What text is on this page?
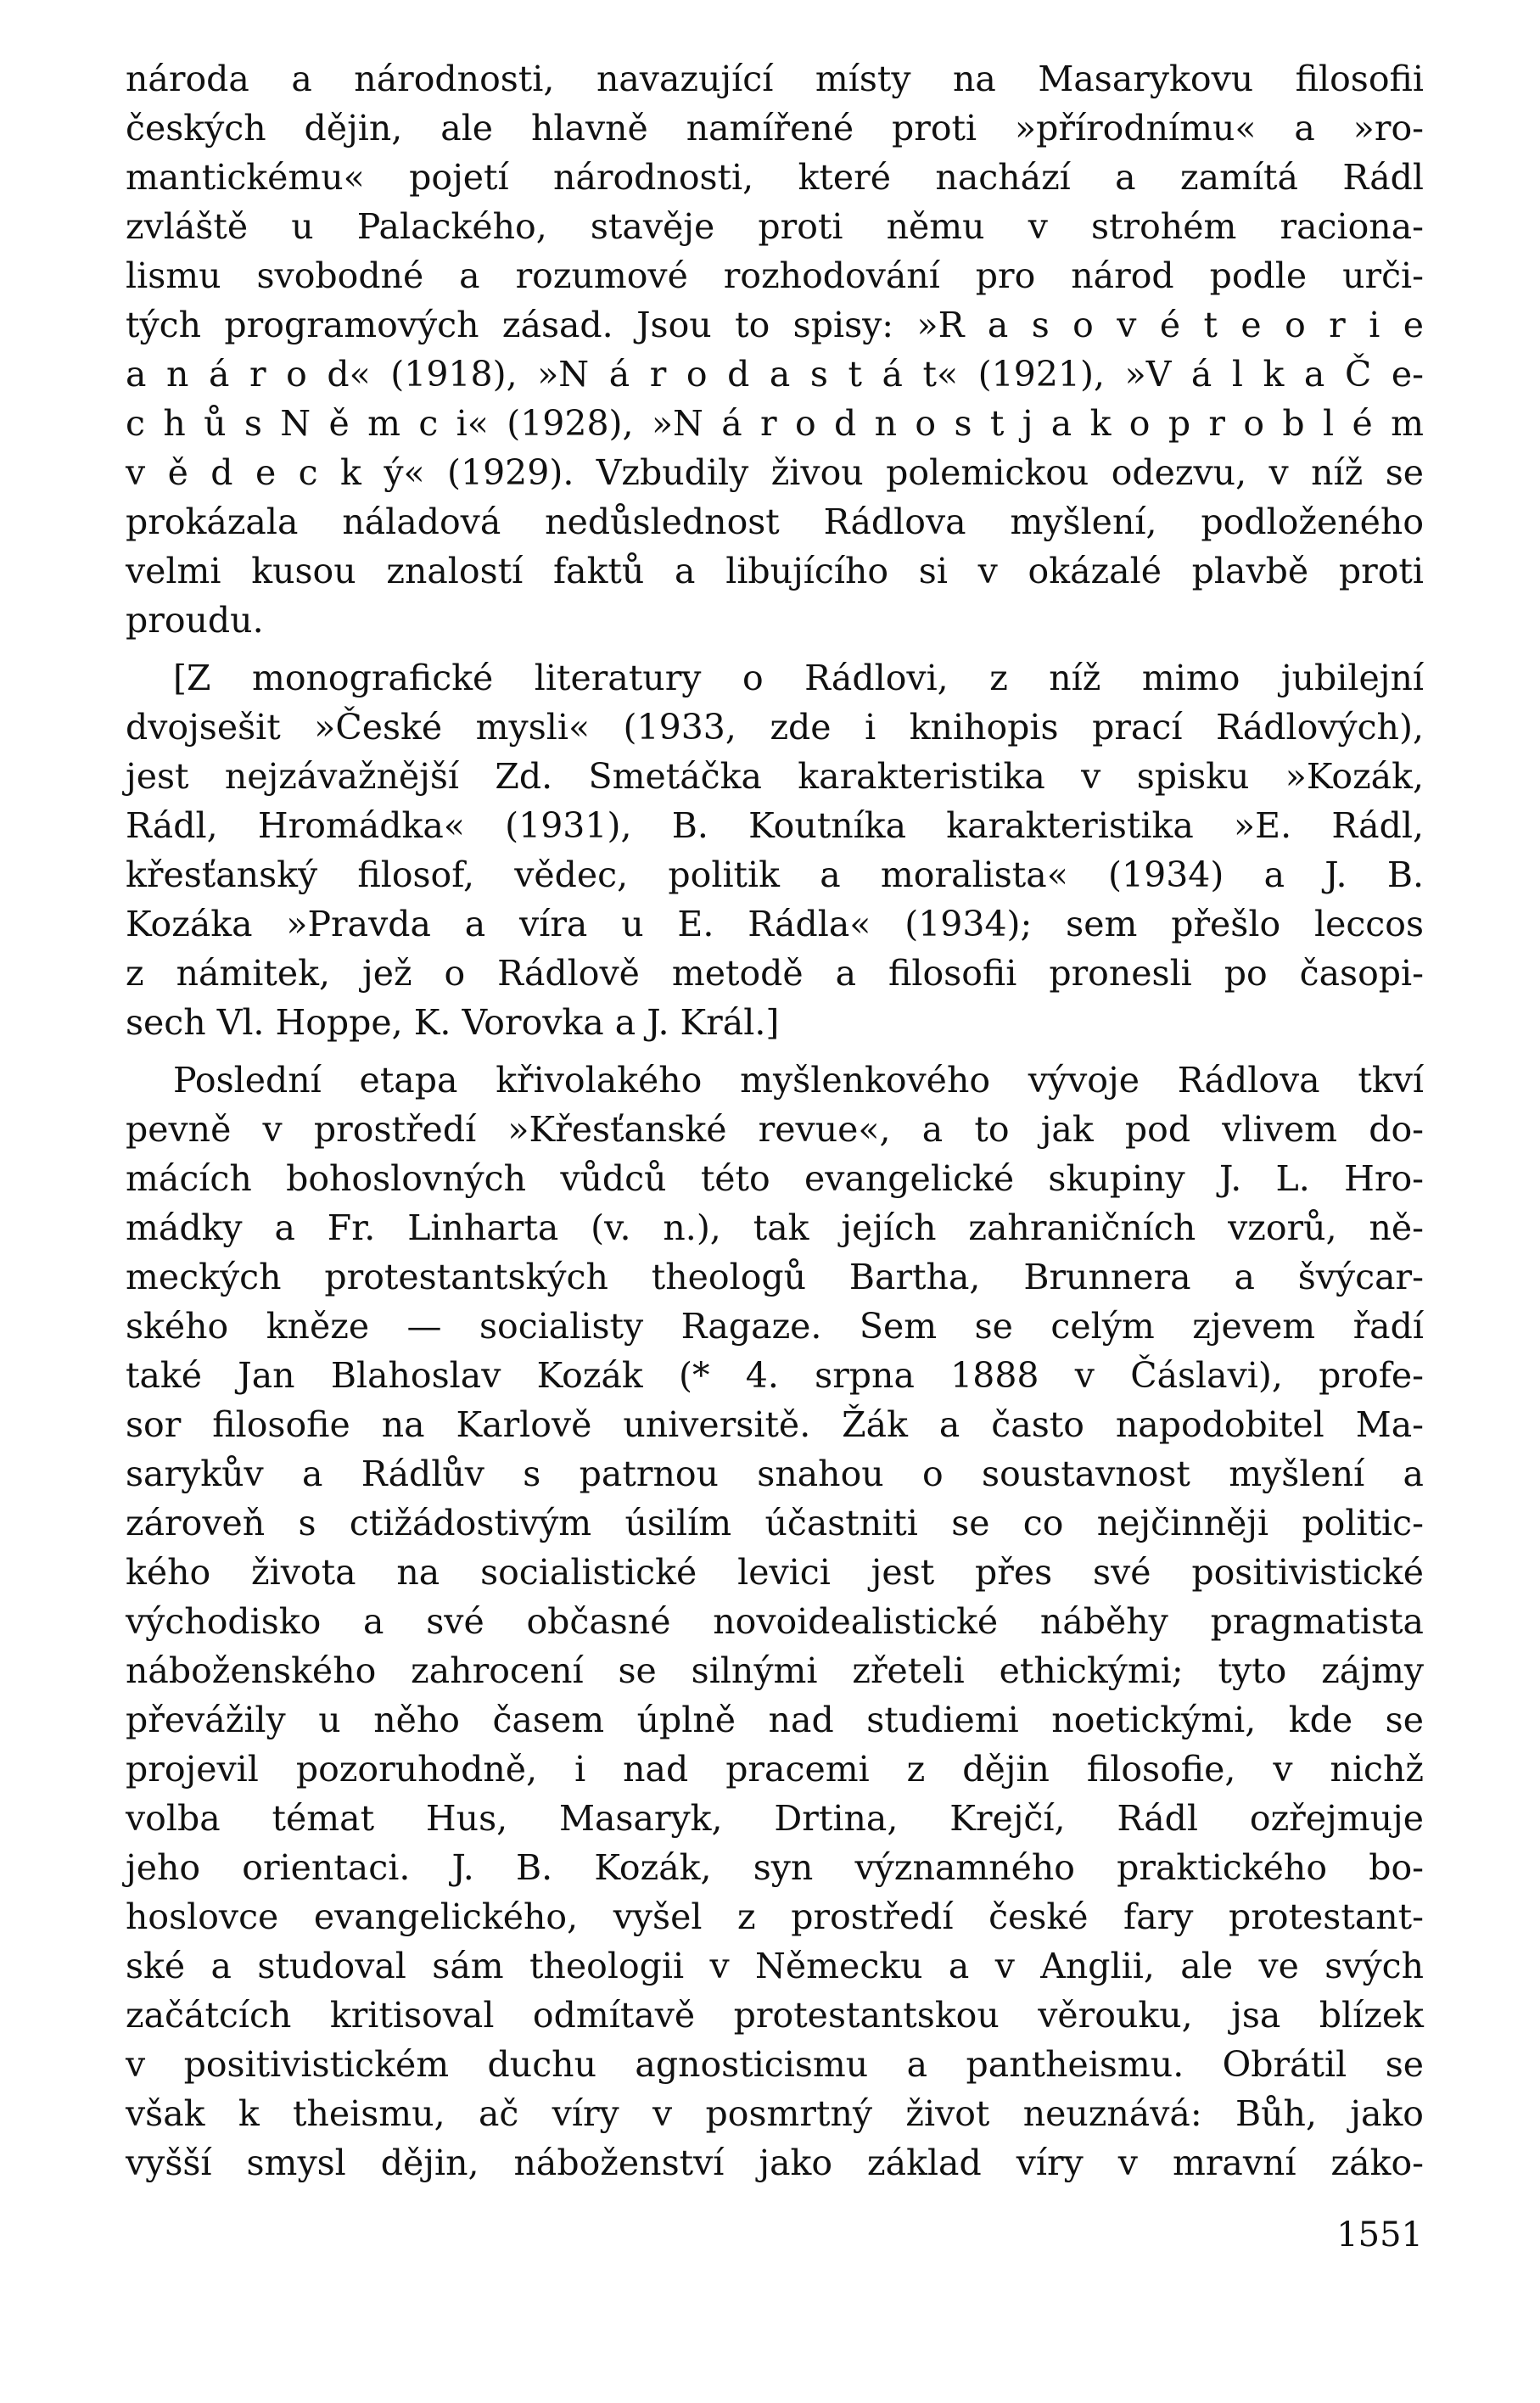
národa a národnosti, navazující místy na Masarykovu filosofii
českých dějin, ale hlavně namířené proti »přírodnímu« a »ro-
mantickému« pojetí národnosti, které nachází a zamítá Rádl
zvláště u Palackého, stavěje proti němu v strohém raciona-
lismu svobodné a rozumové rozhodování pro národ podle urči-
tých programových zásad. Jsou to spisy: »R a s o v é t e o r i e
a n á r o d« (1918), »N á r o d a s t á t« (1921), »V á l k a Č e-
c h ů s N ě m c i« (1928), »N á r o d n o s t j a k o p r o b l é m
v ě d e c k ý« (1929). Vzbudily živou polemickou odezvu, v níž se
prokázala náladová nedůslednost Rádlova myšlení, podloženého
velmi kusou znalostí faktů a libujícího si v okázalé plavbě proti
proudu.
[Z monografické literatury o Rádlovi, z níž mimo jubilejní
dvojsešit »České mysli« (1933, zde i knihopis prací Rádlových),
jest nejzávažnější Zd. Smetáčka karakteristika v spisku »Kozák,
Rádl, Hromádka« (1931), B. Koutníka karakteristika »E. Rádl,
křesťanský filosof, vědec, politik a moralista« (1934) a J. B.
Kozáka »Pravda a víra u E. Rádla« (1934); sem přešlo leccos
z námitek, jež o Rádlově metodě a filosofii pronesli po časopi-
sech Vl. Hoppe, K. Vorovka a J. Král.]
Poslední etapa křivolakého myšlenkového vývoje Rádlova tkví
pevně v prostředí »Křesťanské revue«, a to jak pod vlivem do-
mácích bohoslovných vůdců této evangelické skupiny J. L. Hro-
mádky a Fr. Linharta (v. n.), tak jejích zahraničních vzorů, ně-
meckých protestantských theologů Bartha, Brunnera a švýcar-
ského kněze — socialisty Ragaze. Sem se celým zjevem řadí
také Jan Blahoslav Kozák (* 4. srpna 1888 v Čáslavi), profe-
sor filosofie na Karlově universitě. Žák a často napodobitel Ma-
sarykův a Rádlův s patrnou snahou o soustavnost myšlení a
zároveň s ctižádostivým úsilím účastniti se co nejčinněji politic-
kého života na socialistické levici jest přes své positivistické
východisko a své občasné novoidealistické náběhy pragmatista
náboženského zahrocení se silnými zřeteli ethickými; tyto zájmy
převážily u něho časem úplně nad studiemi noetickými, kde se
projevil pozoruhodně, i nad pracemi z dějin filosofie, v nichž
volba témat Hus, Masaryk, Drtina, Krejčí, Rádl ozřejmuje
jeho orientaci. J. B. Kozák, syn významného praktického bo-
hoslovce evangelického, vyšel z prostředí české fary protestant-
ské a studoval sám theologii v Německu a v Anglii, ale ve svých
začátcích kritisoval odmítavě protestantskou věrouku, jsa blízek
v positivistickém duchu agnosticismu a pantheismu. Obrátil se
však k theismu, ač víry v posmrtný život neuznává: Bůh, jako
vyšší smysl dějin, náboženství jako základ víry v mravní záko-
1551
